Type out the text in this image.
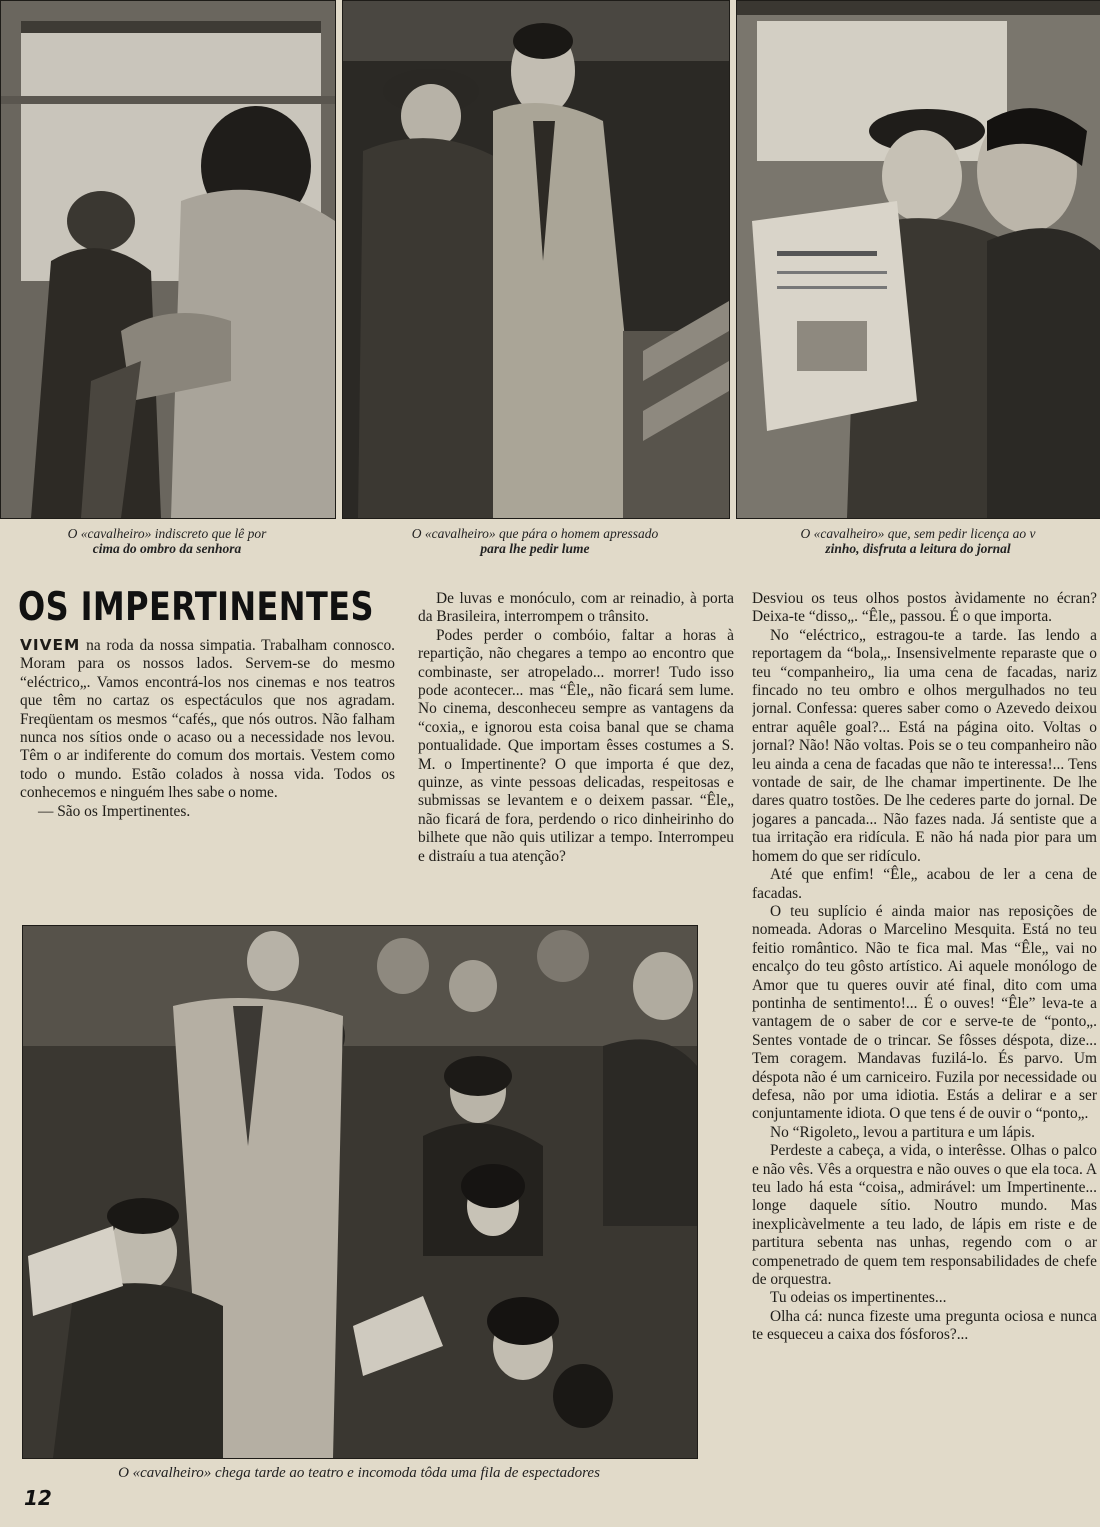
O «cavalheiro» indiscreto que lê por
cima do ombro da senhora
O «cavalheiro» que pára o homem apressado
para lhe pedir lume
O «cavalheiro» que, sem pedir licença ao v
zinho, disfruta a leitura do jornal
OS IMPERTINENTES

VIVEM na roda da nossa simpatia. Trabalham connosco. Moram para os nossos lados. Servem-se do mesmo “eléctrico„. Vamos encontrá-los nos cinemas e nos teatros que têm no cartaz os espectáculos que nos agradam. Freqüentam os mesmos “cafés„ que nós outros. Não falham nunca nos sítios onde o acaso ou a necessidade nos levou. Têm o ar indiferente do comum dos mortais. Vestem como todo o mundo. Estão colados à nossa vida. Todos os conhecemos e ninguém lhes sabe o nome.

— São os Impertinentes.

De luvas e monóculo, com ar reinadio, à porta da Brasileira, interrompem o trânsito.

Podes perder o combóio, faltar a horas à repartição, não chegares a tempo ao encontro que combinaste, ser atropelado... morrer! Tudo isso pode acontecer... mas “Êle„ não ficará sem lume. No cinema, desconheceu sempre as vantagens da “coxia„ e ignorou esta coisa banal que se chama pontualidade. Que importam êsses costumes a S. M. o Impertinente? O que importa é que dez, quinze, as vinte pessoas delicadas, respeitosas e submissas se levantem e o deixem passar. “Êle„ não ficará de fora, perdendo o rico dinheirinho do bilhete que não quis utilizar a tempo. Interrompeu e distraíu a tua atenção?

Desviou os teus olhos postos àvidamente no écran? Deixa-te “disso„. “Êle„ passou. É o que importa.

No “eléctrico„ estragou-te a tarde. Ias lendo a reportagem da “bola„. Insensivelmente reparaste que o teu “companheiro„ lia uma cena de facadas, nariz fincado no teu ombro e olhos mergulhados no teu jornal. Confessa: queres saber como o Azevedo deixou entrar aquêle goal?... Está na página oito. Voltas o jornal? Não! Não voltas. Pois se o teu companheiro não leu ainda a cena de facadas que não te interessa!... Tens vontade de sair, de lhe chamar impertinente. De lhe dares quatro tostões. De lhe cederes parte do jornal. De jogares a pancada... Não fazes nada. Já sentiste que a tua irritação era ridícula. E não há nada pior para um homem do que ser ridículo.

Até que enfim! “Êle„ acabou de ler a cena de facadas.

O teu suplício é ainda maior nas reposições de nomeada. Adoras o Marcelino Mesquita. Está no teu feitio romântico. Não te fica mal. Mas “Êle„ vai no encalço do teu gôsto artístico. Ai aquele monólogo de Amor que tu queres ouvir até final, dito com uma pontinha de sentimento!... É o ouves! “Êle” leva-te a vantagem de o saber de cor e serve-te de “ponto„. Sentes vontade de o trincar. Se fôsses déspota, dize... Tem coragem. Mandavas fuzilá-lo. És parvo. Um déspota não é um carniceiro. Fuzila por necessidade ou defesa, não por uma idiotia. Estás a delirar e a ser conjuntamente idiota. O que tens é de ouvir o “ponto„.

No “Rigoleto„ levou a partitura e um lápis.

Perdeste a cabeça, a vida, o interêsse. Olhas o palco e não vês. Vês a orquestra e não ouves o que ela toca. A teu lado há esta “coisa„ admirável: um Impertinente... longe daquele sítio. Noutro mundo. Mas inexplicàvelmente a teu lado, de lápis em riste e de partitura sebenta nas unhas, regendo com o ar compenetrado de quem tem responsabilidades de chefe de orquestra.

Tu odeias os impertinentes...

Olha cá: nunca fizeste uma pregunta ociosa e nunca te esqueceu a caixa dos fósforos?...

O «cavalheiro» chega tarde ao teatro e incomoda tôda uma fila de espectadores
12
